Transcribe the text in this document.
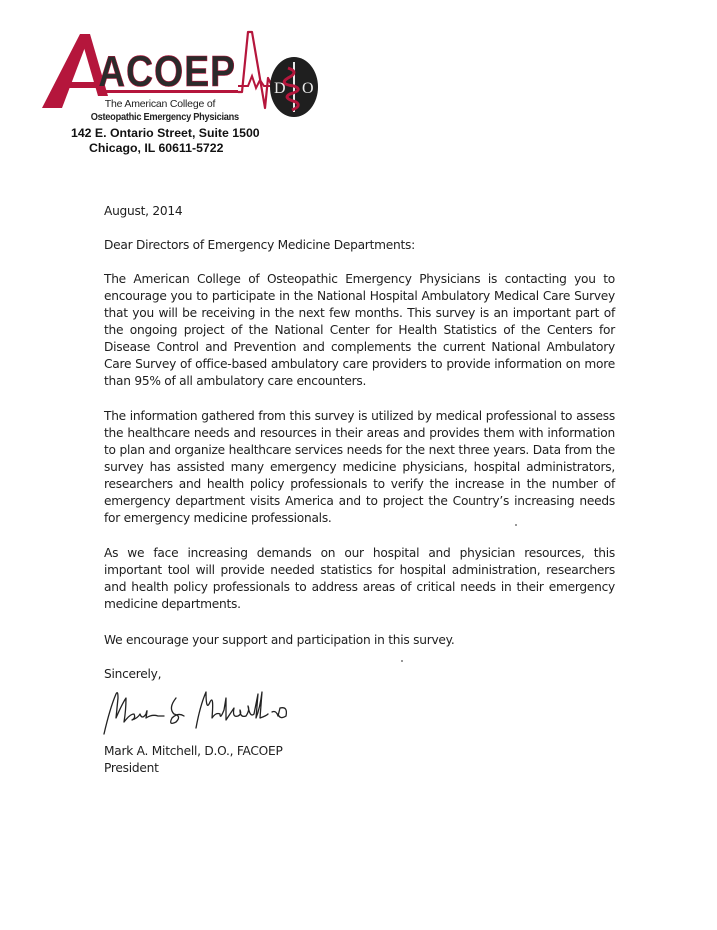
ACOEP D O
The American College of
Osteopathic Emergency Physicians
142 E. Ontario Street, Suite 1500
Chicago, IL 60611-5722
August, 2014
Dear Directors of Emergency Medicine Departments:
The American College of Osteopathic Emergency Physicians is contacting you to encourage you to participate in the National Hospital Ambulatory Medical Care Survey that you will be receiving in the next few months. This survey is an important part of the ongoing project of the National Center for Health Statistics of the Centers for Disease Control and Prevention and complements the current National Ambulatory Care Survey of office-based ambulatory care providers to provide information on more than 95% of all ambulatory care encounters.
The information gathered from this survey is utilized by medical professional to assess the healthcare needs and resources in their areas and provides them with information to plan and organize healthcare services needs for the next three years. Data from the survey has assisted many emergency medicine physicians, hospital administrators, researchers and health policy professionals to verify the increase in the number of emergency department visits America and to project the Country’s increasing needs for emergency medicine professionals.
As we face increasing demands on our hospital and physician resources, this important tool will provide needed statistics for hospital administration, researchers and health policy professionals to address areas of critical needs in their emergency medicine departments.
We encourage your support and participation in this survey.
Sincerely,
Mark A. Mitchell, D.O., FACOEP
President
